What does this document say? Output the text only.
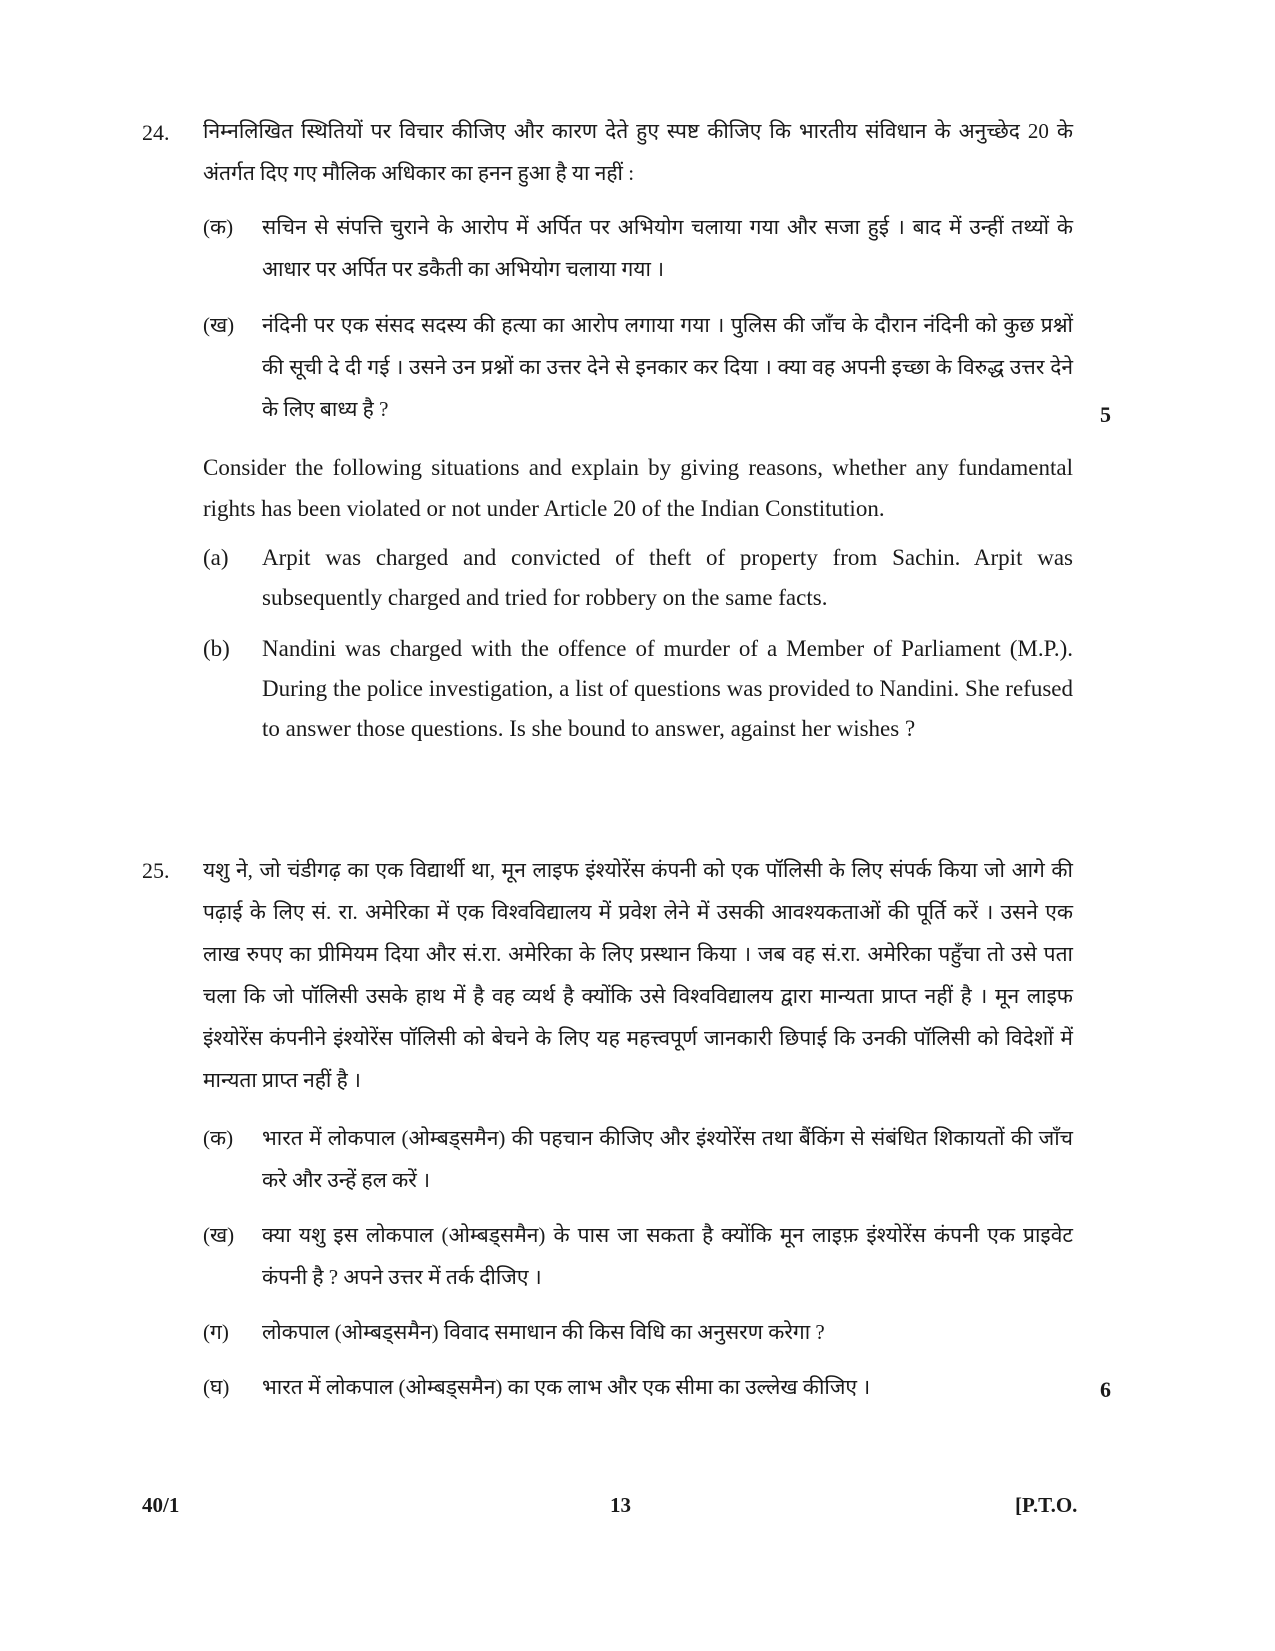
24. निम्नलिखित स्थितियों पर विचार कीजिए और कारण देते हुए स्पष्ट कीजिए कि भारतीय संविधान के अनुच्छेद 20 के अंतर्गत दिए गए मौलिक अधिकार का हनन हुआ है या नहीं :
(क) सचिन से संपत्ति चुराने के आरोप में अर्पित पर अभियोग चलाया गया और सजा हुई । बाद में उन्हीं तथ्यों के आधार पर अर्पित पर डकैती का अभियोग चलाया गया ।
(ख) नंदिनी पर एक संसद सदस्य की हत्या का आरोप लगाया गया । पुलिस की जाँच के दौरान नंदिनी को कुछ प्रश्नों की सूची दे दी गई । उसने उन प्रश्नों का उत्तर देने से इनकार कर दिया । क्या वह अपनी इच्छा के विरुद्ध उत्तर देने के लिए बाध्य है ?	5
Consider the following situations and explain by giving reasons, whether any fundamental rights has been violated or not under Article 20 of the Indian Constitution.
(a) Arpit was charged and convicted of theft of property from Sachin. Arpit was subsequently charged and tried for robbery on the same facts.
(b) Nandini was charged with the offence of murder of a Member of Parliament (M.P.). During the police investigation, a list of questions was provided to Nandini. She refused to answer those questions. Is she bound to answer, against her wishes ?
25. यशु ने, जो चंडीगढ़ का एक विद्यार्थी था, मून लाइफ इंश्योरेंस कंपनी को एक पॉलिसी के लिए संपर्क किया जो आगे की पढ़ाई के लिए सं. रा. अमेरिका में एक विश्वविद्यालय में प्रवेश लेने में उसकी आवश्यकताओं की पूर्ति करें । उसने एक लाख रुपए का प्रीमियम दिया और सं.रा. अमेरिका के लिए प्रस्थान किया । जब वह सं.रा. अमेरिका पहुँचा तो उसे पता चला कि जो पॉलिसी उसके हाथ में है वह व्यर्थ है क्योंकि उसे विश्वविद्यालय द्वारा मान्यता प्राप्त नहीं है । मून लाइफ इंश्योरेंस कंपनीने इंश्योरेंस पॉलिसी को बेचने के लिए यह महत्त्वपूर्ण जानकारी छिपाई कि उनकी पॉलिसी को विदेशों में मान्यता प्राप्त नहीं है ।
(क) भारत में लोकपाल (ओम्बड्समैन) की पहचान कीजिए और इंश्योरेंस तथा बैंकिंग से संबंधित शिकायतों की जाँच करे और उन्हें हल करें ।
(ख) क्या यशु इस लोकपाल (ओम्बड्समैन) के पास जा सकता है क्योंकि मून लाइफ़ इंश्योरेंस कंपनी एक प्राइवेट कंपनी है ? अपने उत्तर में तर्क दीजिए ।
(ग) लोकपाल (ओम्बड्समैन) विवाद समाधान की किस विधि का अनुसरण करेगा ?
(घ) भारत में लोकपाल (ओम्बड्समैन) का एक लाभ और एक सीमा का उल्लेख कीजिए ।	6
40/1	13	[P.T.O.
